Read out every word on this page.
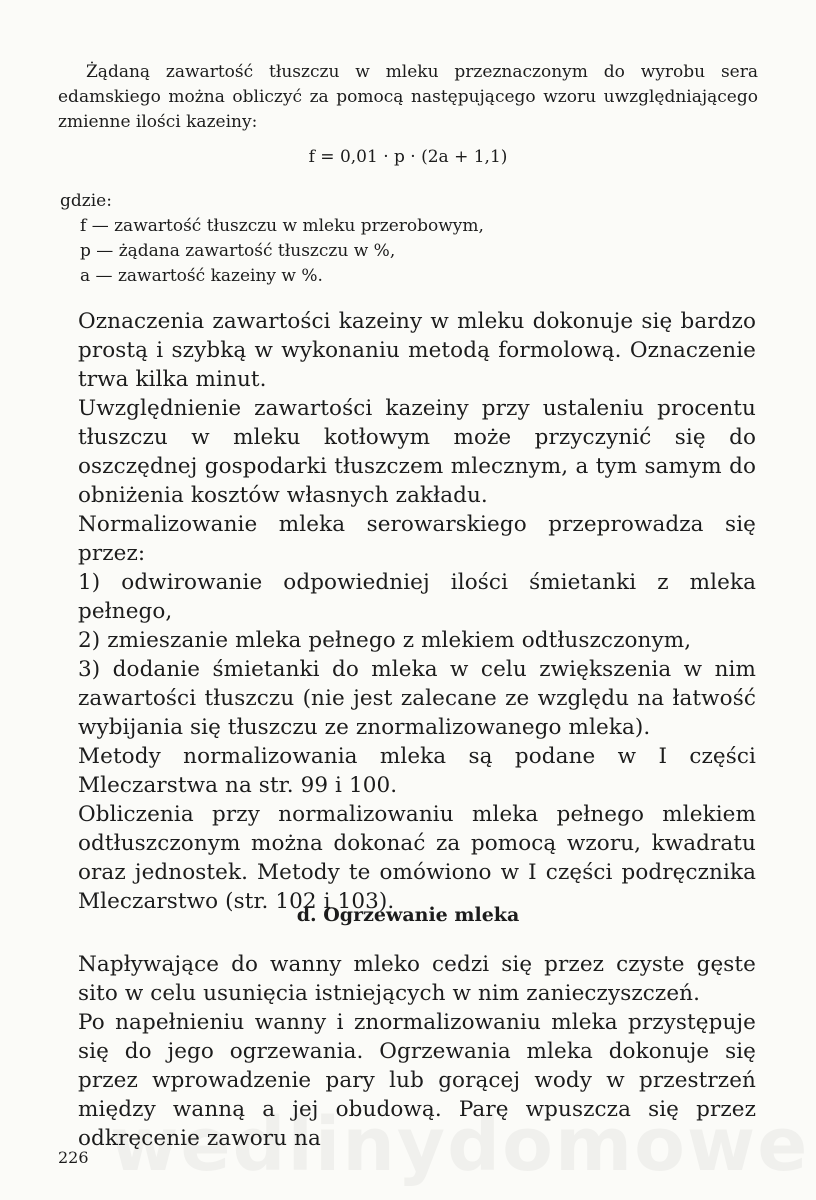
Żądaną zawartość tłuszczu w mleku przeznaczonym do wyrobu sera edamskiego można obliczyć za pomocą następującego wzoru uwzględniającego zmienne ilości kazeiny:

f = 0,01 · p · (2a + 1,1)
gdzie:
f — zawartość tłuszczu w mleku przerobowym,
p — żądana zawartość tłuszczu w %,
a — zawartość kazeiny w %.

Oznaczenia zawartości kazeiny w mleku dokonuje się bardzo prostą i szybką w wykonaniu metodą formolową. Oznaczenie trwa kilka minut.

Uwzględnienie zawartości kazeiny przy ustaleniu procentu tłuszczu w mleku kotłowym może przyczynić się do oszczędnej gospodarki tłuszczem mlecznym, a tym samym do obniżenia kosztów własnych zakładu.

Normalizowanie mleka serowarskiego przeprowadza się przez:

1) odwirowanie odpowiedniej ilości śmietanki z mleka pełnego,

2) zmieszanie mleka pełnego z mlekiem odtłuszczonym,

3) dodanie śmietanki do mleka w celu zwiększenia w nim zawartości tłuszczu (nie jest zalecane ze względu na łatwość wybijania się tłuszczu ze znormalizowanego mleka).

Metody normalizowania mleka są podane w I części Mleczarstwa na str. 99 i 100.

Obliczenia przy normalizowaniu mleka pełnego mlekiem odtłuszczonym można dokonać za pomocą wzoru, kwadratu oraz jednostek. Metody te omówiono w I części podręcznika Mleczarstwo (str. 102 i 103).

d. Ogrzewanie mleka

Napływające do wanny mleko cedzi się przez czyste gęste sito w celu usunięcia istniejących w nim zanieczyszczeń.

Po napełnieniu wanny i znormalizowaniu mleka przystępuje się do jego ogrzewania. Ogrzewania mleka dokonuje się przez wprowadzenie pary lub gorącej wody w przestrzeń między wanną a jej obudową. Parę wpuszcza się przez odkręcenie zaworu na

226
